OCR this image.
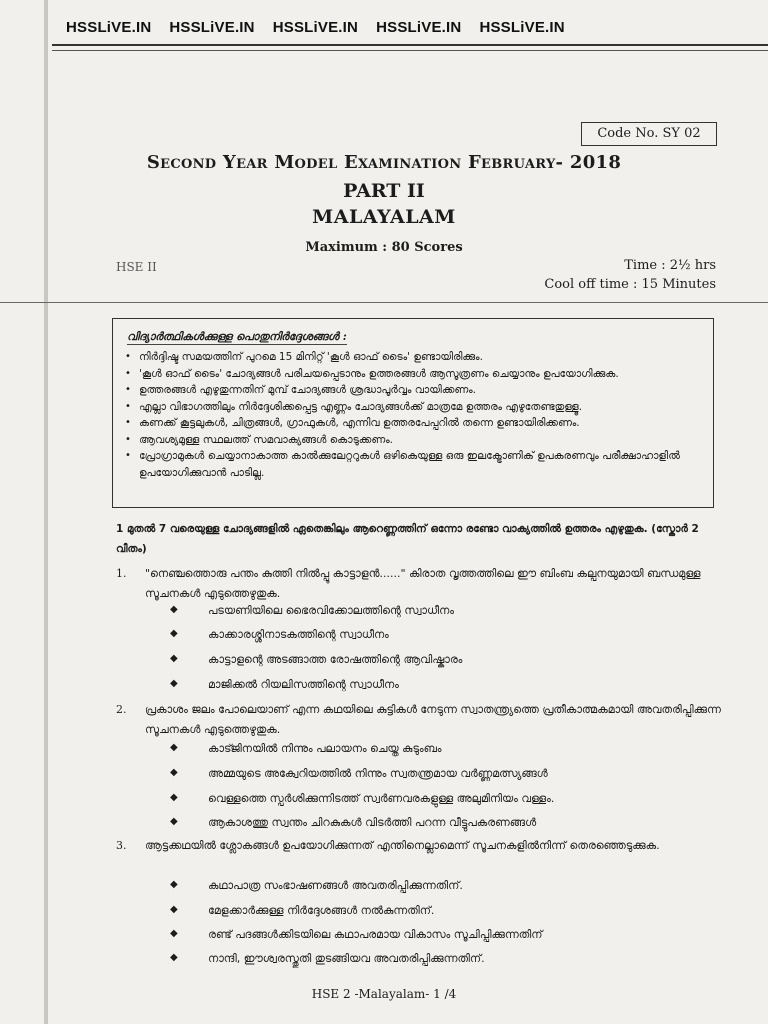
HSSLiVE.IN HSSLiVE.IN HSSLiVE.IN HSSLiVE.IN HSSLiVE.IN
Code No. SY 02
Second Year Model Examination February- 2018
PART II
MALAYALAM
Maximum : 80 Scores
HSE II	Time : 2½ hrs
Cool off time : 15 Minutes
വിദ്യാർത്ഥികൾക്കുള്ള പൊതുനിർദ്ദേശങ്ങൾ :
• നിർദ്ദിഷ്ട സമയത്തിന് പുറമെ 15 മിനിറ്റ് 'കൂൾ ഓഫ് ടൈം' ഉണ്ടായിരിക്കും.
• 'കൂൾ ഓഫ് ടൈം' ചോദ്യങ്ങൾ പരിചയപ്പെടാനും ഉത്തരങ്ങൾ ആസൂത്രണം ചെയ്യാനും ഉപയോഗിക്കുക.
• ഉത്തരങ്ങൾ എഴുതുന്നതിന് മുമ്പ് ചോദ്യങ്ങൾ ശ്രദ്ധാപൂർവ്വം വായിക്കണം.
• എല്ലാ വിഭാഗത്തിലും നിർദ്ദേശിക്കപ്പെട്ട എണ്ണം ചോദ്യങ്ങൾക്ക് മാത്രമേ ഉത്തരം എഴുതേണ്ടതുള്ളൂ.
• കണക്ക് കൂട്ടലുകൾ, ചിത്രങ്ങൾ, ഗ്രാഫുകൾ, എന്നിവ ഉത്തരപേപ്പറിൽ തന്നെ ഉണ്ടായിരിക്കണം.
• ആവശ്യമുള്ള സ്ഥലത്ത് സമവാക്യങ്ങൾ കൊടുക്കണം.
• പ്രോഗ്രാമുകൾ ചെയ്യാനാകാത്ത കാൽക്കുലേറ്ററുകൾ ഒഴികെയുള്ള ഒരു ഇലക്ട്രോണിക് ഉപകരണവും പരീക്ഷാഹാളിൽ ഉപയോഗിക്കുവാൻ പാടില്ല.
1 മുതൽ 7 വരെയുള്ള ചോദ്യങ്ങളിൽ ഏതെങ്കിലും ആറെണ്ണത്തിന് ഒന്നോ രണ്ടോ വാക്യത്തിൽ ഉത്തരം എഴുതുക. (സ്കോർ 2 വീതം)
1. "നെഞ്ചത്തൊരു പന്തം കുത്തി നിൽപ്പൂ കാട്ടാളൻ......" കിരാത വൃത്തത്തിലെ ഈ ബിംബ കല്പനയുമായി ബന്ധമുള്ള സൂചനകൾ എടുത്തെഴുതുക.
◆	പടയണിയിലെ ഭൈരവിക്കോലത്തിന്റെ സ്വാധീനം
◆	കാക്കാരശ്ശിനാടകത്തിന്റെ സ്വാധീനം
◆	കാട്ടാളന്റെ അടങ്ങാത്ത രോഷത്തിന്റെ ആവിഷ്കാരം
◆	മാജിക്കൽ റിയലിസത്തിന്റെ സ്വാധീനം
2. പ്രകാശം ജലം പോലെയാണ് എന്ന കഥയിലെ കുട്ടികൾ നേടുന്ന സ്വാതന്ത്ര്യത്തെ പ്രതീകാത്മകമായി അവതരിപ്പിക്കുന്ന സൂചനകൾ എടുത്തെഴുതുക.
◆	കാട്ജിനയിൽ നിന്നും പലായനം ചെയ്ത കുടുംബം
◆	അമ്മയുടെ അക്വേറിയത്തിൽ നിന്നും സ്വതന്ത്രമായ വർണ്ണമത്സ്യങ്ങൾ
◆	വെള്ളത്തെ സ്പർശിക്കുന്നിടത്ത് സ്വർണവരകളുള്ള അലുമിനിയം വള്ളം.
◆	ആകാശത്തു സ്വന്തം ചിറകുകൾ വിടർത്തി പറന്ന വീട്ടുപകരണങ്ങൾ
3. ആട്ടക്കഥയിൽ ശ്ലോകങ്ങൾ ഉപയോഗിക്കുന്നത് എന്തിനെല്ലാമെന്ന് സൂചനകളിൽനിന്ന് തെരഞ്ഞെടുക്കുക.
◆	കഥാപാത്ര സംഭാഷണങ്ങൾ അവതരിപ്പിക്കുന്നതിന്.
◆	മേളക്കാർക്കുള്ള നിർദ്ദേശങ്ങൾ നൽകുന്നതിന്.
◆	രണ്ട് പദങ്ങൾക്കിടയിലെ കഥാപരമായ വികാസം സൂചിപ്പിക്കുന്നതിന്
◆	നാന്ദി, ഈശ്വരസ്തുതി തുടങ്ങിയവ അവതരിപ്പിക്കുന്നതിന്.
HSE 2 -Malayalam- 1 /4
